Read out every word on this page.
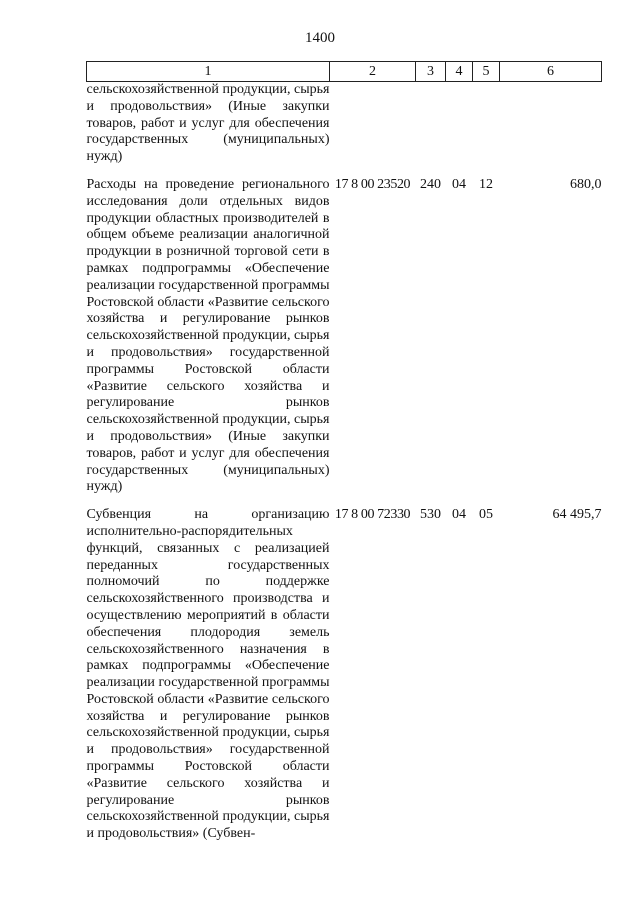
1400
1	2	3	4	5	6

сельскохозяйственной продукции, сырья и продовольствия» (Иные закупки товаров, работ и услуг для обеспечения государственных (муниципальных) нужд)					

Расходы на проведение регионального исследования доли отдельных видов продукции областных производителей в общем объеме реализации аналогичной продукции в розничной торговой сети в рамках подпрограммы «Обеспечение реализации государственной программы Ростовской области «Развитие сельского хозяйства и регулирование рынков сельскохозяйственной продукции, сырья и продовольствия» государственной программы Ростовской области «Развитие сельского хозяйства и регулирование рынков сельскохозяйственной продукции, сырья и продовольствия» (Иные закупки товаров, работ и услуг для обеспечения государственных (муниципальных) нужд)	17 8 00 23520	240	04	12	680,0

Субвенция на организацию исполнительно-распорядительных функций, связанных с реализацией переданных государственных полномочий по поддержке сельскохозяйственного производства и осуществлению мероприятий в области обеспечения плодородия земель сельскохозяйственного назначения в рамках подпрограммы «Обеспечение реализации государственной программы Ростовской области «Развитие сельского хозяйства и регулирование рынков сельскохозяйственной продукции, сырья и продовольствия» государственной программы Ростовской области «Развитие сельского хозяйства и регулирование рынков сельскохозяйственной продукции, сырья и продовольствия» (Субвен-	17 8 00 72330	530	04	05	64 495,7
